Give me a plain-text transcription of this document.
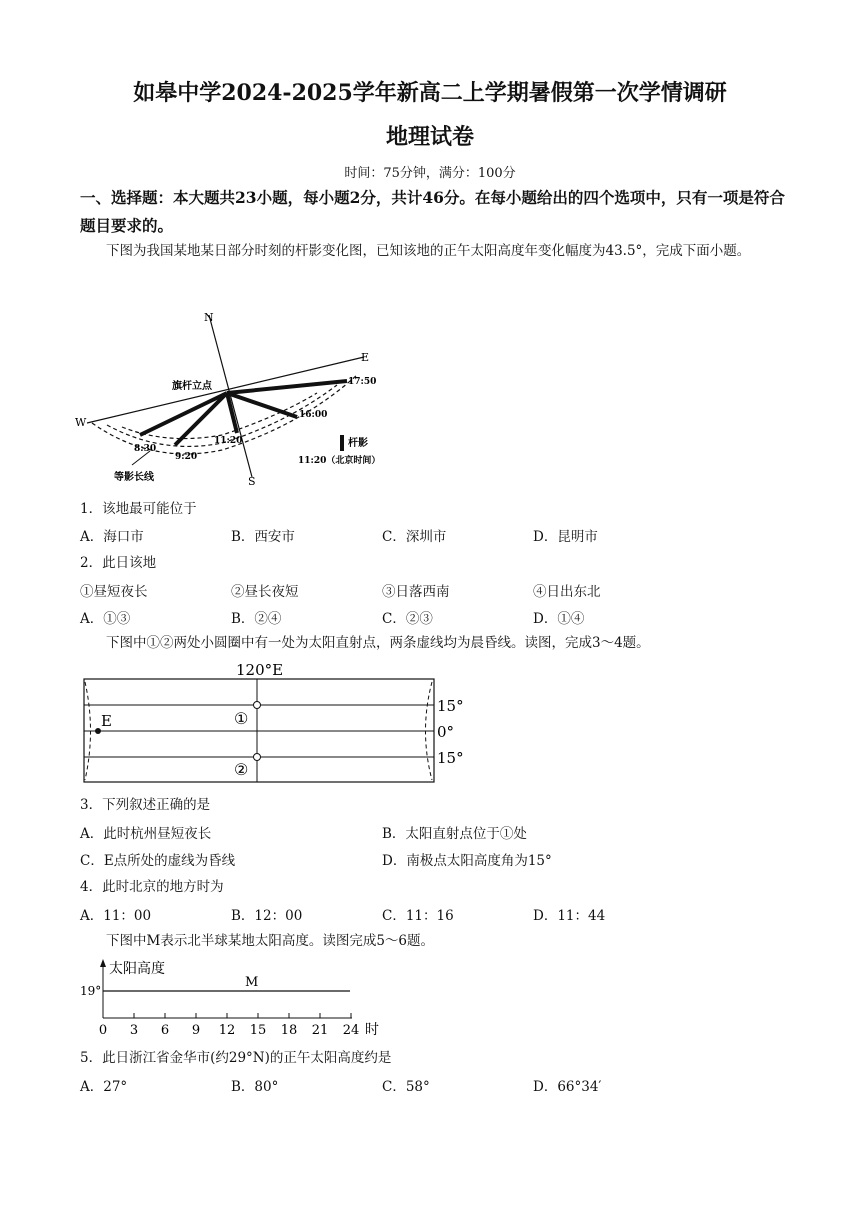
如皋中学2024-2025学年新高二上学期暑假第一次学情调研
地理试卷
时间：75分钟，满分：100分
一、选择题：本大题共23小题，每小题2分，共计46分。在每小题给出的四个选项中，只有一项是符合题目要求的。
下图为我国某地某日部分时刻的杆影变化图，已知该地的正午太阳高度年变化幅度为43.5°，完成下面小题。
N
S
E
W
旗杆立点	17:50
16:00
11:20
9:20
8:30
等影长线
杆影
11:20（北京时间）
1．该地最可能位于
A．海口市	B．西安市	C．深圳市	D．昆明市
2．此日该地
①昼短夜长	②昼长夜短	③日落西南	④日出东北
A．①③	B．②④	C．②③	D．①④
下图中①②两处小圆圈中有一处为太阳直射点，两条虚线均为晨昏线。读图，完成3～4题。
120°E
15°
0°
15°
E	①
②
3．下列叙述正确的是
A．此时杭州昼短夜长	B．太阳直射点位于①处
C．E点所处的虚线为昏线	D．南极点太阳高度角为15°
4．此时北京的地方时为
A．11：00	B．12：00	C．11：16	D．11：44
下图中M表示北半球某地太阳高度。读图完成5～6题。
0 3 6 9 12 15 18 21 24
太阳高度
19°
M
时
5．此日浙江省金华市(约29°N)的正午太阳高度约是
A．27°	B．80°	C．58°	D．66°34′
